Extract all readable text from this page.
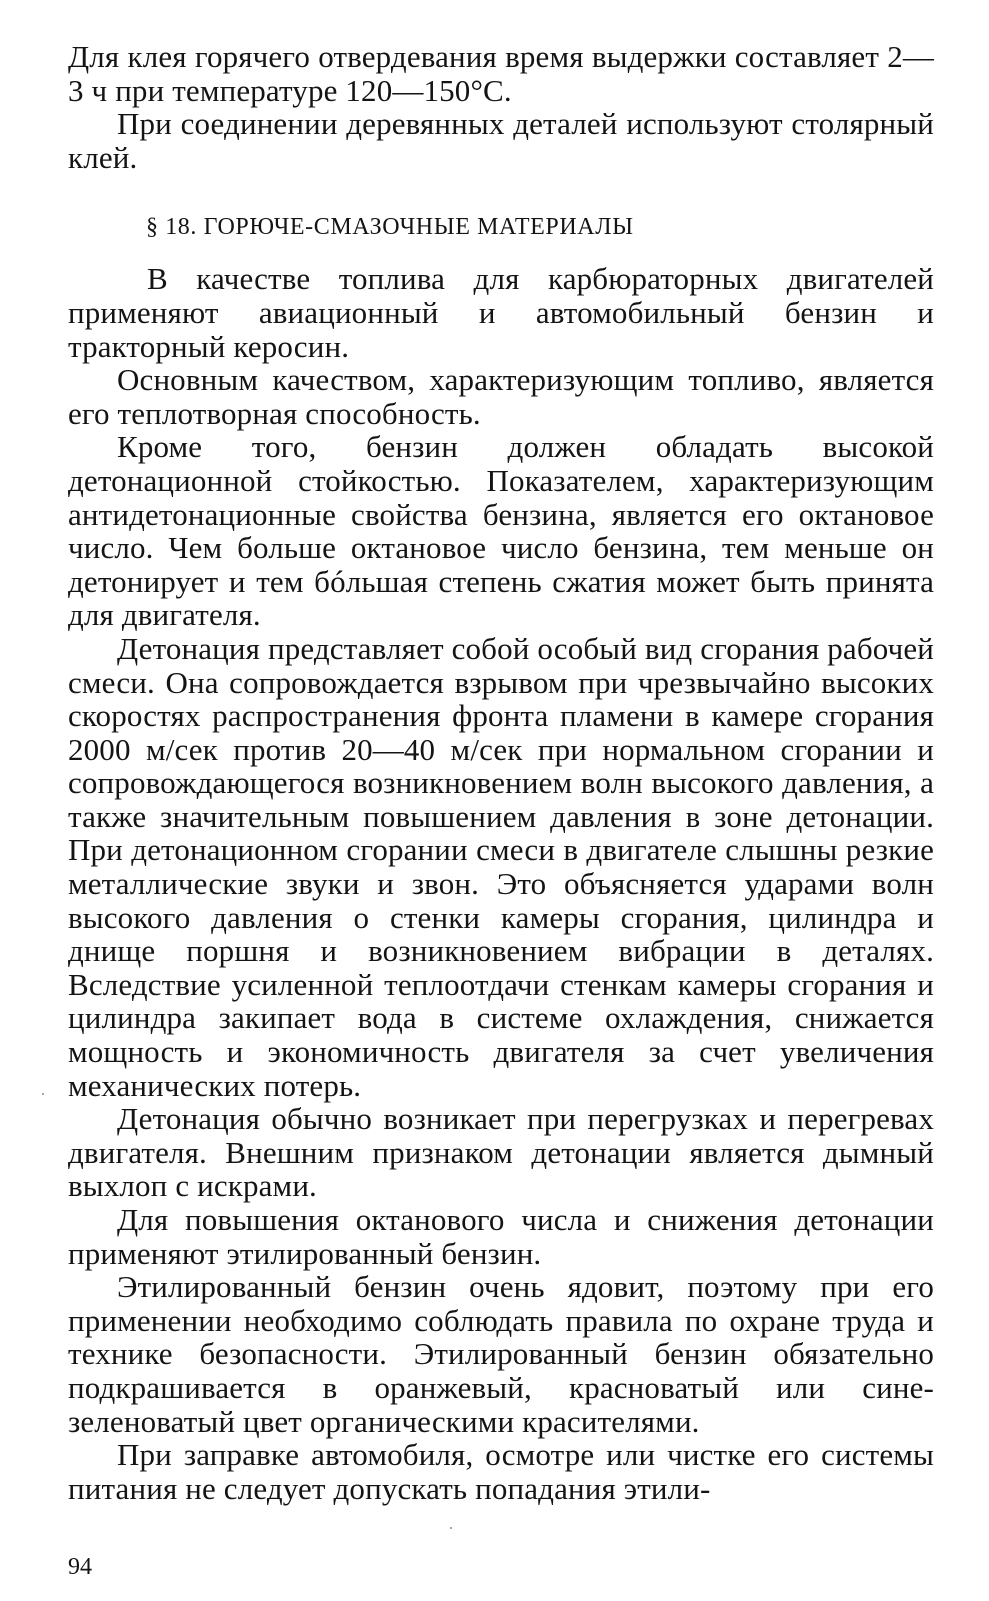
Для клея горячего отвердевания время выдержки составляет 2—3 ч при температуре 120—150°С.

При соединении деревянных деталей используют столярный клей.

§ 18. ГОРЮЧЕ-СМАЗОЧНЫЕ МАТЕРИАЛЫ

В качестве топлива для карбюраторных двигателей применяют авиационный и автомобильный бензин и тракторный керосин.

Основным качеством, характеризующим топливо, является его теплотворная способность.

Кроме того, бензин должен обладать высокой детонационной стойкостью. Показателем, характеризующим антидетонационные свойства бензина, является его октановое число. Чем больше октановое число бензина, тем меньше он детонирует и тем бóльшая степень сжатия может быть принята для двигателя.

Детонация представляет собой особый вид сгорания рабочей смеси. Она сопровождается взрывом при чрезвычайно высоких скоростях распространения фронта пламени в камере сгорания 2000 м/сек против 20—40 м/сек при нормальном сгорании и сопровождающегося возникновением волн высокого давления, а также значительным повышением давления в зоне детонации. При детонационном сгорании смеси в двигателе слышны резкие металлические звуки и звон. Это объясняется ударами волн высокого давления о стенки камеры сгорания, цилиндра и днище поршня и возникновением вибрации в деталях. Вследствие усиленной теплоотдачи стенкам камеры сгорания и цилиндра закипает вода в системе охлаждения, снижается мощность и экономичность двигателя за счет увеличения механических потерь.

Детонация обычно возникает при перегрузках и перегревах двигателя. Внешним признаком детонации является дымный выхлоп с искрами.

Для повышения октанового числа и снижения детонации применяют этилированный бензин.

Этилированный бензин очень ядовит, поэтому при его применении необходимо соблюдать правила по охране труда и технике безопасности. Этилированный бензин обязательно подкрашивается в оранжевый, красноватый или сине-зеленоватый цвет органическими красителями.

При заправке автомобиля, осмотре или чистке его системы питания не следует допускать попадания этили-

94
